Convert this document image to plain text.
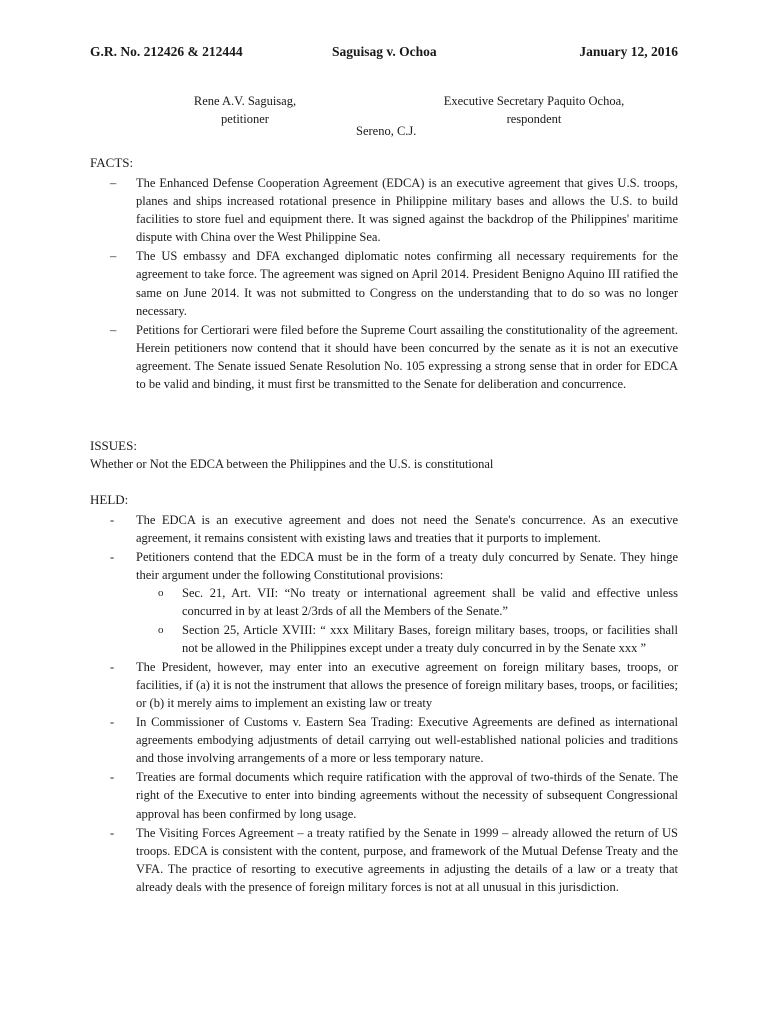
G.R. No. 212426 & 212444	Saguisag v. Ochoa	January 12, 2016
Rene A.V. Saguisag,
petitioner
Executive Secretary Paquito Ochoa,
respondent
Sereno, C.J.
FACTS:
– The Enhanced Defense Cooperation Agreement (EDCA) is an executive agreement that gives U.S. troops, planes and ships increased rotational presence in Philippine military bases and allows the U.S. to build facilities to store fuel and equipment there. It was signed against the backdrop of the Philippines' maritime dispute with China over the West Philippine Sea.
– The US embassy and DFA exchanged diplomatic notes confirming all necessary requirements for the agreement to take force. The agreement was signed on April 2014. President Benigno Aquino III ratified the same on June 2014. It was not submitted to Congress on the understanding that to do so was no longer necessary.
– Petitions for Certiorari were filed before the Supreme Court assailing the constitutionality of the agreement. Herein petitioners now contend that it should have been concurred by the senate as it is not an executive agreement. The Senate issued Senate Resolution No. 105 expressing a strong sense that in order for EDCA to be valid and binding, it must first be transmitted to the Senate for deliberation and concurrence.
ISSUES:
Whether or Not the EDCA between the Philippines and the U.S. is constitutional
HELD:
- The EDCA is an executive agreement and does not need the Senate's concurrence. As an executive agreement, it remains consistent with existing laws and treaties that it purports to implement.
- Petitioners contend that the EDCA must be in the form of a treaty duly concurred by Senate. They hinge their argument under the following Constitutional provisions:
o Sec. 21, Art. VII: “No treaty or international agreement shall be valid and effective unless concurred in by at least 2/3rds of all the Members of the Senate.”
o Section 25, Article XVIII: “ xxx Military Bases, foreign military bases, troops, or facilities shall not be allowed in the Philippines except under a treaty duly concurred in by the Senate xxx ”
- The President, however, may enter into an executive agreement on foreign military bases, troops, or facilities, if (a) it is not the instrument that allows the presence of foreign military bases, troops, or facilities; or (b) it merely aims to implement an existing law or treaty
- In Commissioner of Customs v. Eastern Sea Trading: Executive Agreements are defined as international agreements embodying adjustments of detail carrying out well-established national policies and traditions and those involving arrangements of a more or less temporary nature.
- Treaties are formal documents which require ratification with the approval of two-thirds of the Senate. The right of the Executive to enter into binding agreements without the necessity of subsequent Congressional approval has been confirmed by long usage.
- The Visiting Forces Agreement – a treaty ratified by the Senate in 1999 – already allowed the return of US troops. EDCA is consistent with the content, purpose, and framework of the Mutual Defense Treaty and the VFA. The practice of resorting to executive agreements in adjusting the details of a law or a treaty that already deals with the presence of foreign military forces is not at all unusual in this jurisdiction.
